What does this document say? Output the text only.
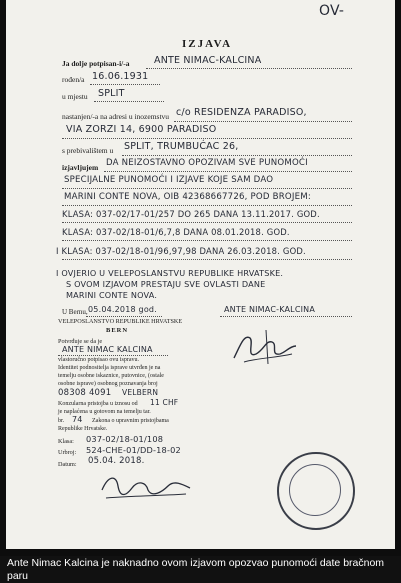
OV-
IZJAVA
Ja dolje potpisan-i/-a	ANTE NIMAC-KALCINA
rođen/a 16.06.1931
u mjestu SPLIT
nastanjen/-a na adresi u inozemstvu c/o RESIDENZA PARADISO,
VIA ZORZI 14, 6900 PARADISO
s prebivalištem u SPLIT, TRUMBUĆAC 26,
izjavljujem DA NEIZOSTAVNO OPOZIVAM SVE PUNOMOĆI
SPECIJALNE PUNOMOĆI I IZJAVE KOJE SAM DAO
MARINI CONTE NOVA, OIB 42368667726, POD BROJEM:
KLASA: 037-02/17-01/257 DO 265 DANA 13.11.2017. GOD.
KLASA: 037-02/18-01/6,7,8 DANA 08.01.2018. GOD.
I KLASA: 037-02/18-01/96,97,98 DANA 26.03.2018. GOD.
I OVJERIO U VELEPOSLANSTVU REPUBLIKE HRVATSKE.
S OVOM IZJAVOM PRESTAJU SVE OVLASTI DANE
MARINI CONTE NOVA.
U Bernu, 05.04.2018 god.	ANTE NIMAC-KALCINA
VELEPOSLANSTVO REPUBLIKE HRVATSKE
BERN
Potvrđuje se da je
ANTE NIMAC KALCINA
vlastoručno potpisao ovu ispravu.
Identitet podnositelja isprave utvrđen je na
temelju osobne iskaznice, putovnice, (ostale
osobne isprave) osobnog poznavanja broj
08308 4091 VELBERN
Konzularna pristojba u iznosu od 11 CHF
je naplaćena u gotovom na temelju tar.
br. 74 Zakona o upravnim pristojbama
Republike Hrvatske.
Klasa: 037-02/18-01/108
Urbroj: 524-CHE-01/DD-18-02
Datum: 05.04. 2018.
Ante Nimac Kalcina je naknadno ovom izjavom opozvao punomoći date bračnom paru
